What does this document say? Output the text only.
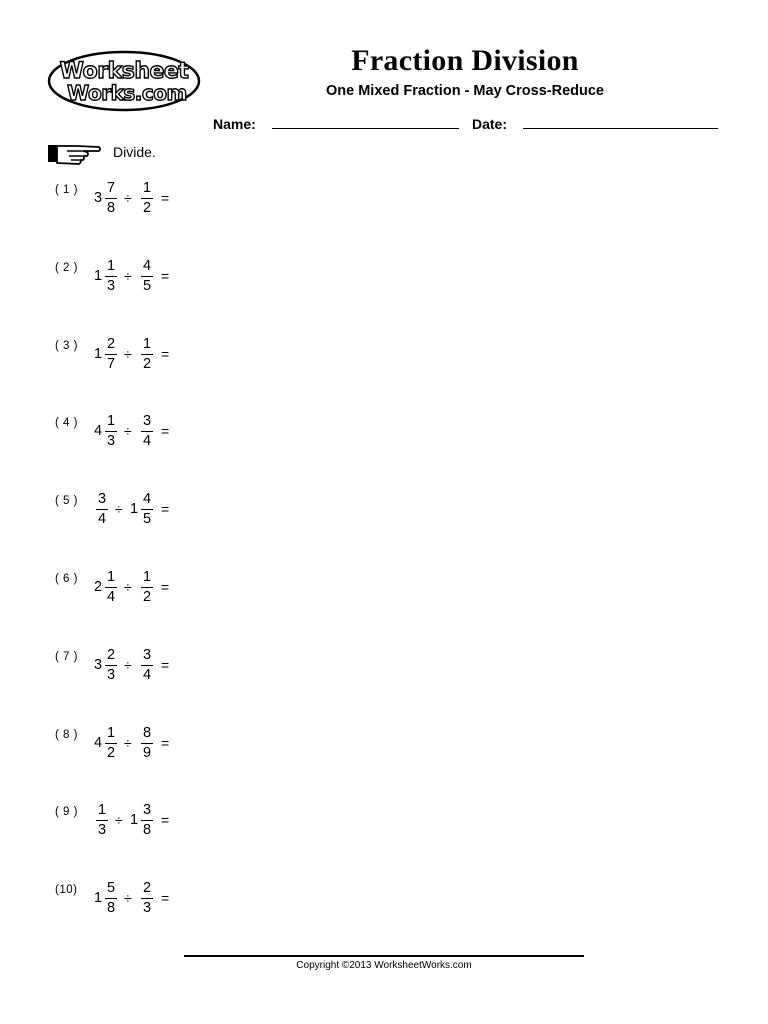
Worksheet
Works.com
Fraction Division
One Mixed Fraction - May Cross-Reduce
Name:	Date:
Divide.
( 1 ) 3
7
8
÷
1
2
=
( 2 ) 1
1
3
÷
4
5
=
( 3 ) 1
2
7
÷
1
2
=
( 4 ) 4
1
3
÷
3
4
=
( 5 ) 3
4
÷ 1
4
5
=
( 6 ) 2
1
4
÷
1
2
=
( 7 ) 3
2
3
÷
3
4
=
( 8 ) 4
1
2
÷
8
9
=
( 9 ) 1
3
÷ 1
3
8
=
(10) 1
5
8
÷
2
3
=
Copyright ©2013 WorksheetWorks.com
